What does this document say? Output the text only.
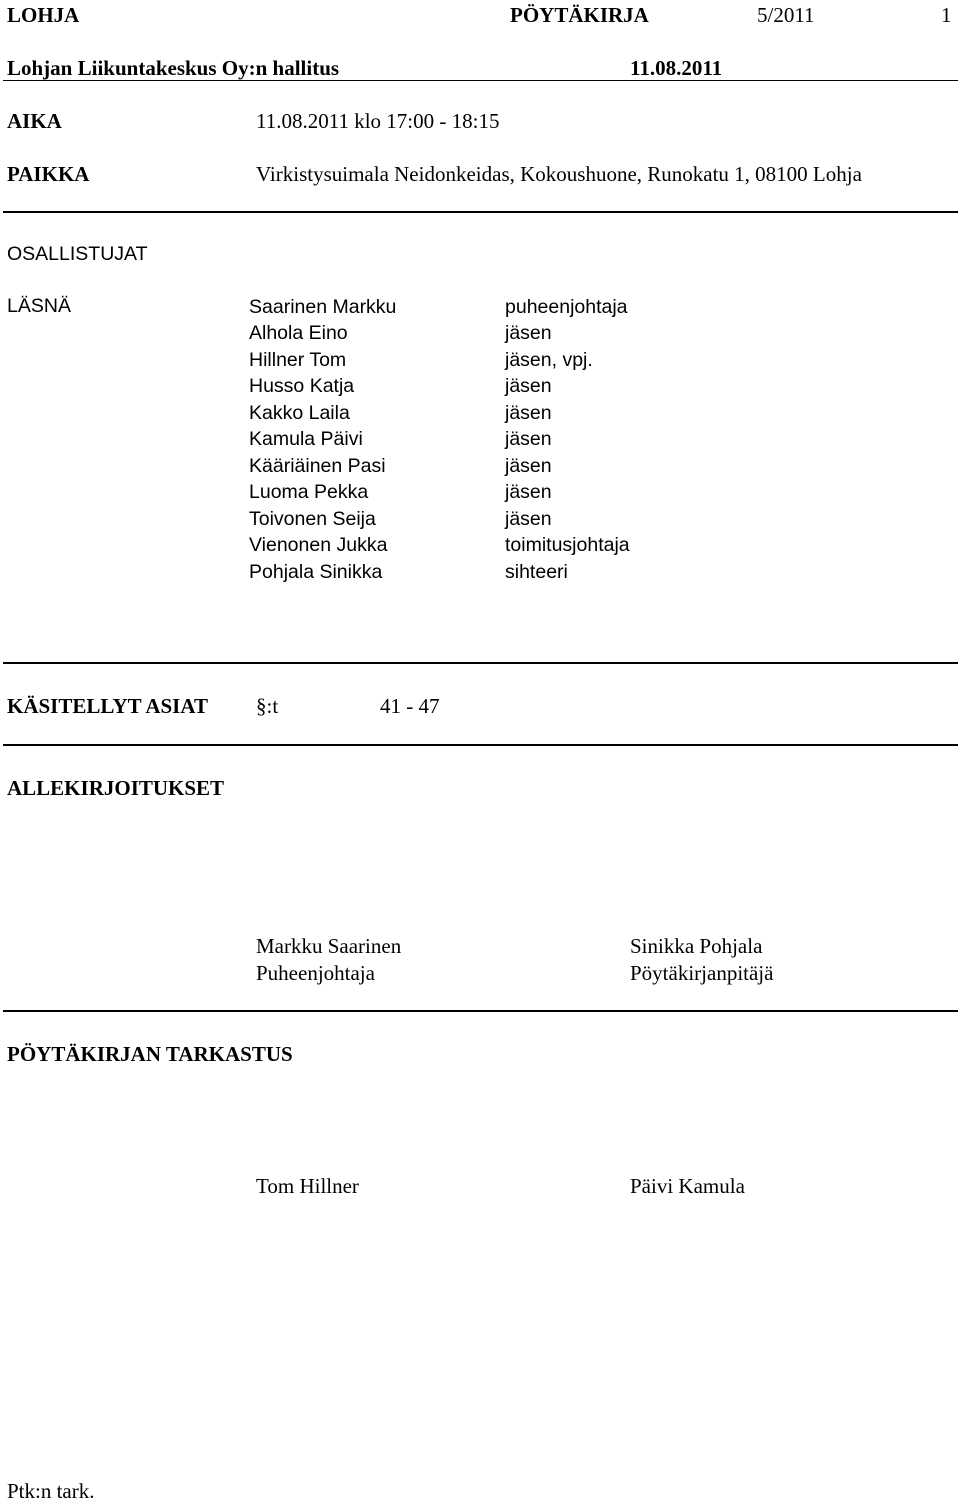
LOHJA	PÖYTÄKIRJA	5/2011	1
Lohjan Liikuntakeskus Oy:n hallitus	11.08.2011
AIKA	11.08.2011 klo 17:00 - 18:15
PAIKKA	Virkistysuimala Neidonkeidas, Kokoushuone, Runokatu 1, 08100 Lohja
OSALLISTUJAT
LÄSNÄ	Saarinen Markku	puheenjohtaja
Alhola Eino	jäsen
Hillner Tom	jäsen, vpj.
Husso Katja	jäsen
Kakko Laila	jäsen
Kamula Päivi	jäsen
Kääriäinen Pasi	jäsen
Luoma Pekka	jäsen
Toivonen Seija	jäsen
Vienonen Jukka	toimitusjohtaja
Pohjala Sinikka	sihteeri
KÄSITELLYT ASIAT §:t	41 - 47
ALLEKIRJOITUKSET
Markku Saarinen
Puheenjohtaja
Sinikka Pohjala
Pöytäkirjanpitäjä
PÖYTÄKIRJAN TARKASTUS
Tom Hillner	Päivi Kamula
Ptk:n tark.
